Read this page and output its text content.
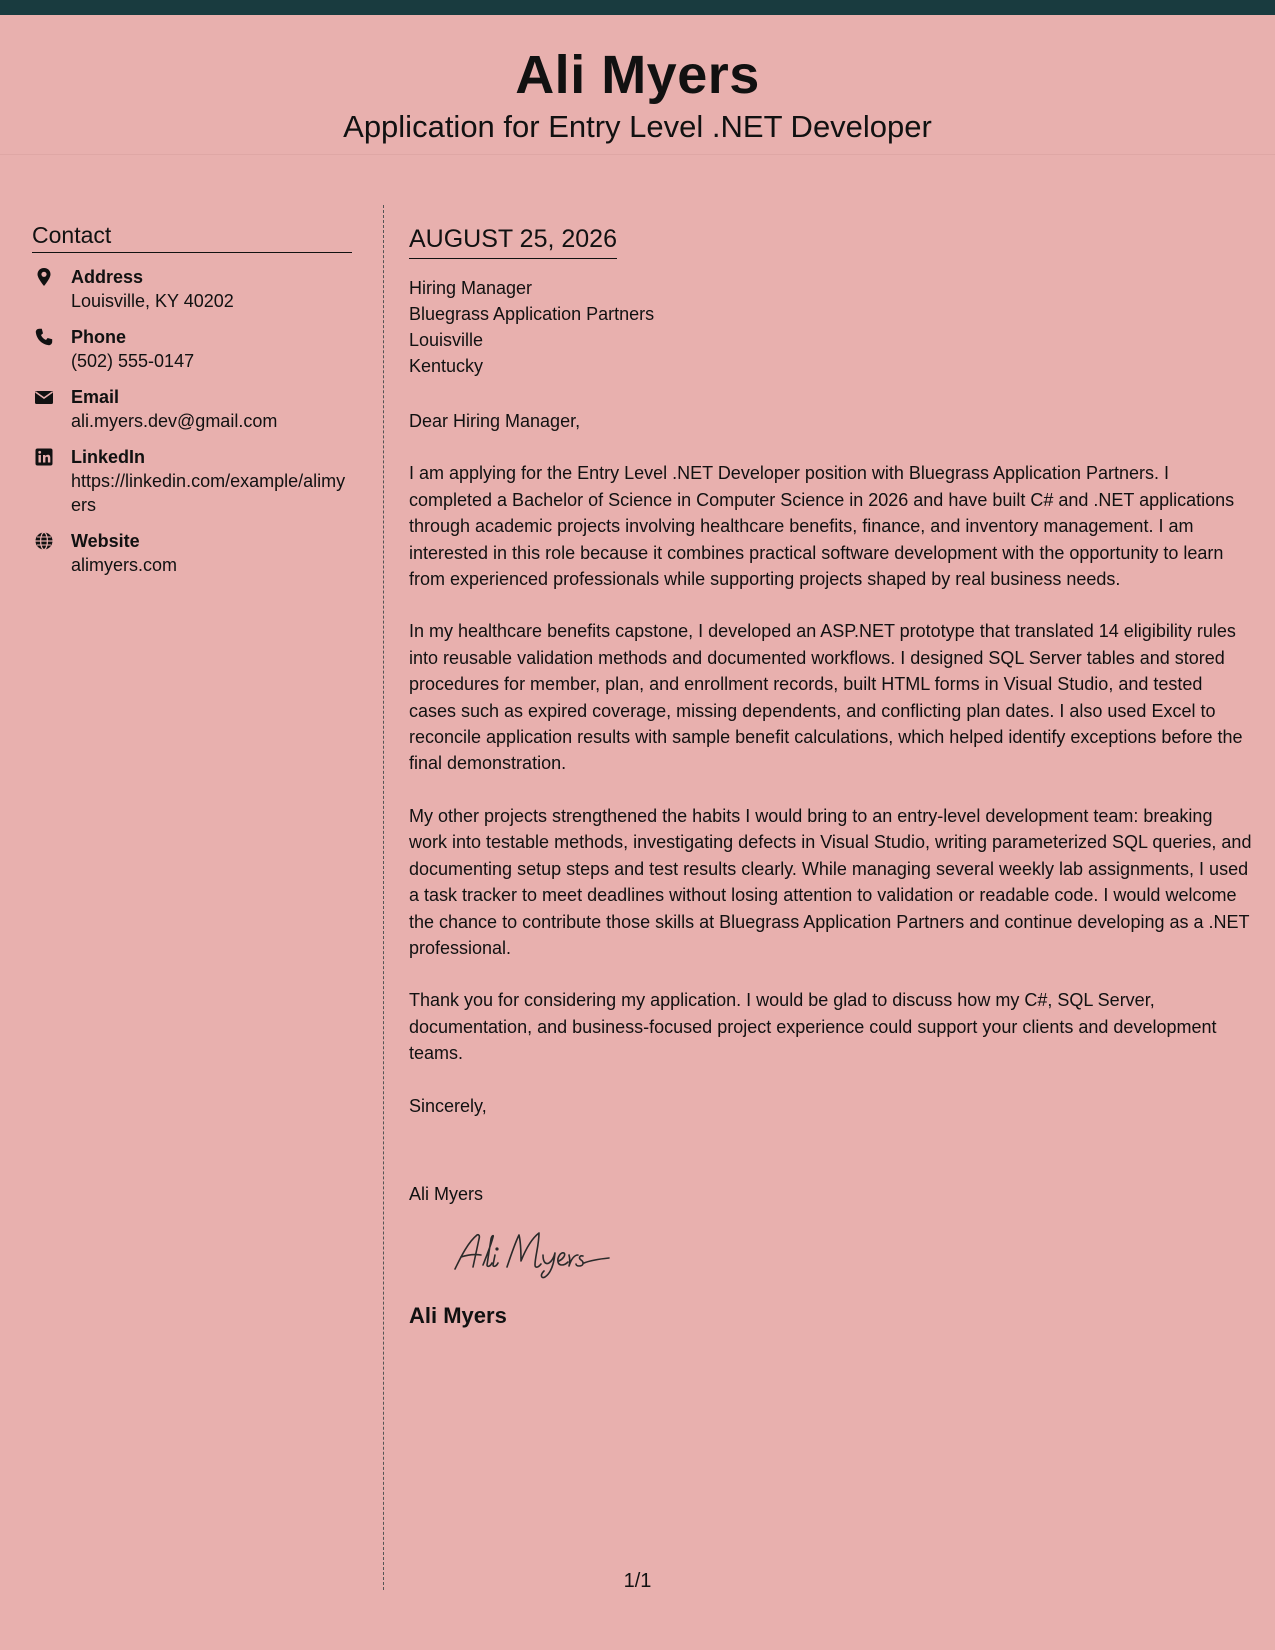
Ali Myers
Application for Entry Level .NET Developer
Contact
Address
Louisville, KY 40202
Phone
(502) 555-0147
Email
ali.myers.dev@gmail.com
LinkedIn
https://linkedin.com/example/alimyers
Website
alimyers.com
AUGUST 25, 2026
Hiring Manager
Bluegrass Application Partners
Louisville
Kentucky
Dear Hiring Manager,

I am applying for the Entry Level .NET Developer position with Bluegrass Application Partners. I completed a Bachelor of Science in Computer Science in 2026 and have built C# and .NET applications through academic projects involving healthcare benefits, finance, and inventory management. I am interested in this role because it combines practical software development with the opportunity to learn from experienced professionals while supporting projects shaped by real business needs.

In my healthcare benefits capstone, I developed an ASP.NET prototype that translated 14 eligibility rules into reusable validation methods and documented workflows. I designed SQL Server tables and stored procedures for member, plan, and enrollment records, built HTML forms in Visual Studio, and tested cases such as expired coverage, missing dependents, and conflicting plan dates. I also used Excel to reconcile application results with sample benefit calculations, which helped identify exceptions before the final demonstration.

My other projects strengthened the habits I would bring to an entry-level development team: breaking work into testable methods, investigating defects in Visual Studio, writing parameterized SQL queries, and documenting setup steps and test results clearly. While managing several weekly lab assignments, I used a task tracker to meet deadlines without losing attention to validation or readable code. I would welcome the chance to contribute those skills at Bluegrass Application Partners and continue developing as a .NET professional.

Thank you for considering my application. I would be glad to discuss how my C#, SQL Server, documentation, and business-focused project experience could support your clients and development teams.

Sincerely,
Ali Myers
Ali Myers
1/1
